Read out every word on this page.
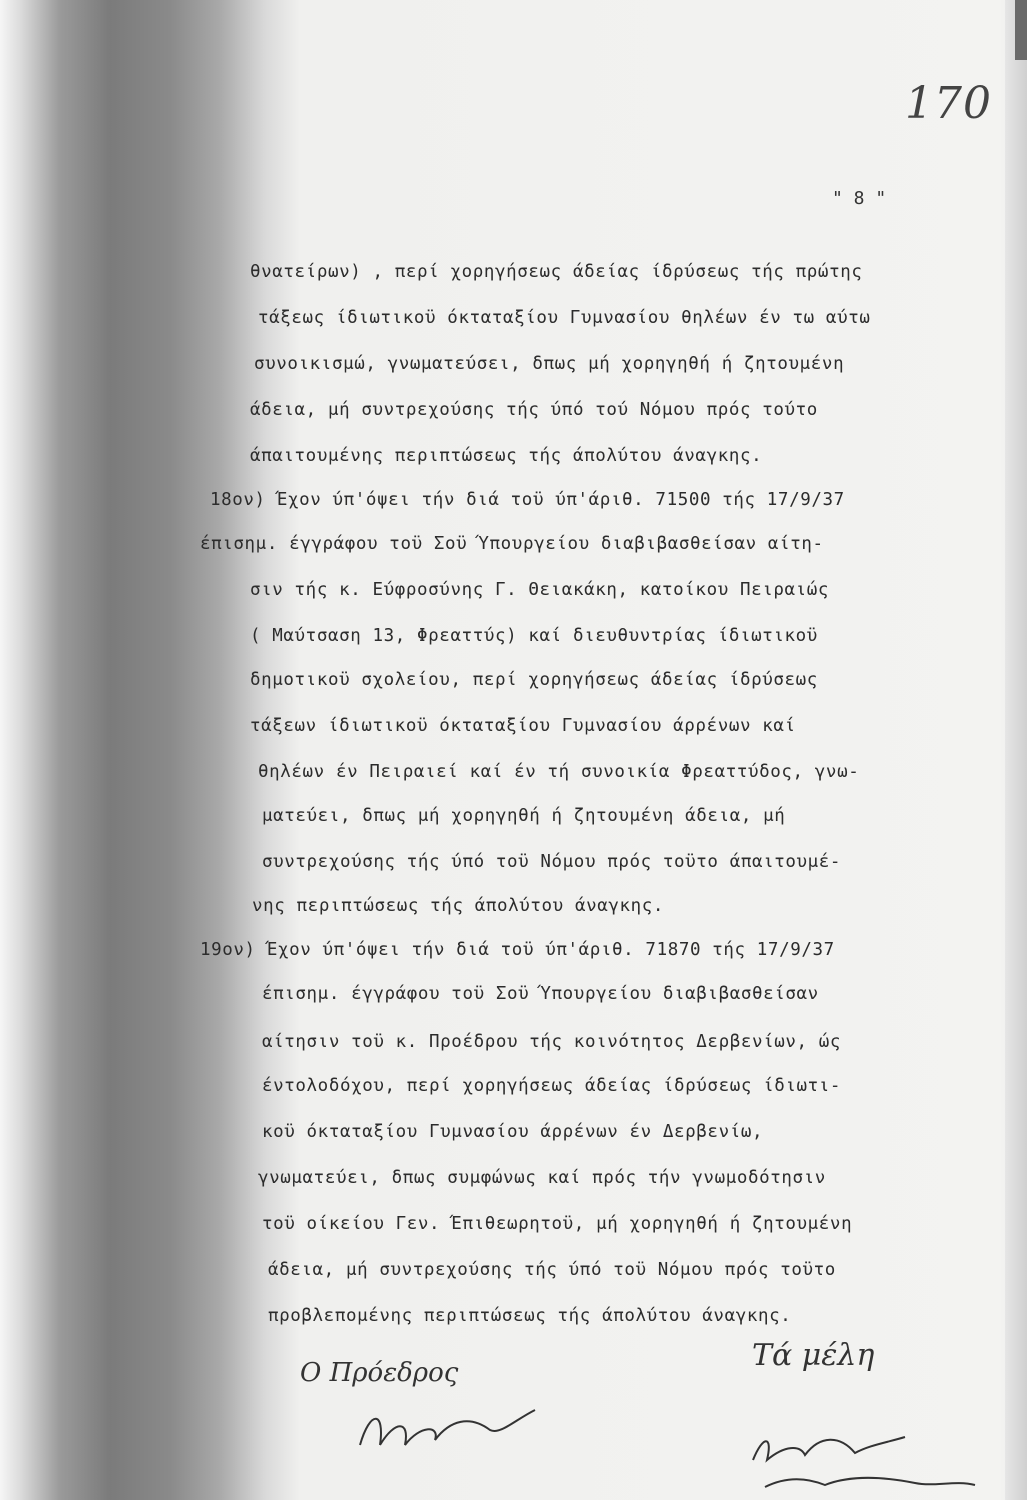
170
" 8 "
θνατείρων) , περί χορηγήσεως άδείας ίδρύσεως τής πρώτης
τάξεως ίδιωτικοϋ όκταταξίου Γυμνασίου θηλέων έν τω αύτω
συνοικισμώ, γνωματεύσει, δπως μή χορηγηθή ή ζητουμένη
άδεια, μή συντρεχούσης τής ύπό τού Νόμου πρός τούτο
άπαιτουμένης περιπτώσεως τής άπολύτου άναγκης.
18ον) Έχον ύπ'όψει τήν διά τοϋ ύπ'άριθ. 71500 τής 17/9/37
έπισημ. έγγράφου τοϋ Σοϋ Ύπουργείου διαβιβασθείσαν αίτη-
σιν τής κ. Εύφροσύνης Γ. Θειακάκη, κατοίκου Πειραιώς
( Μαύτσαση 13, Φρεαττύς) καί διευθυντρίας ίδιωτικοϋ
δημοτικοϋ σχολείου, περί χορηγήσεως άδείας ίδρύσεως
τάξεων ίδιωτικοϋ όκταταξίου Γυμνασίου άρρένων καί
θηλέων έν Πειραιεί καί έν τή συνοικία Φρεαττύδος, γνω-
ματεύει, δπως μή χορηγηθή ή ζητουμένη άδεια, μή
συντρεχούσης τής ύπό τοϋ Νόμου πρός τοϋτο άπαιτουμέ-
νης περιπτώσεως τής άπολύτου άναγκης.
19ον) Έχον ύπ'όψει τήν διά τοϋ ύπ'άριθ. 71870 τής 17/9/37
έπισημ. έγγράφου τοϋ Σοϋ Ύπουργείου διαβιβασθείσαν
αίτησιν τοϋ κ. Προέδρου τής κοινότητος Δερβενίων, ώς
έντολοδόχου, περί χορηγήσεως άδείας ίδρύσεως ίδιωτι-
κοϋ όκταταξίου Γυμνασίου άρρένων έν Δερβενίω,
γνωματεύει, δπως συμφώνως καί πρός τήν γνωμοδότησιν
τοϋ οίκείου Γεν. Έπιθεωρητοϋ, μή χορηγηθή ή ζητουμένη
άδεια, μή συντρεχούσης τής ύπό τοϋ Νόμου πρός τοϋτο
προβλεπομένης περιπτώσεως τής άπολύτου άναγκης.
Ο Πρόεδρος	Τά μέλη
